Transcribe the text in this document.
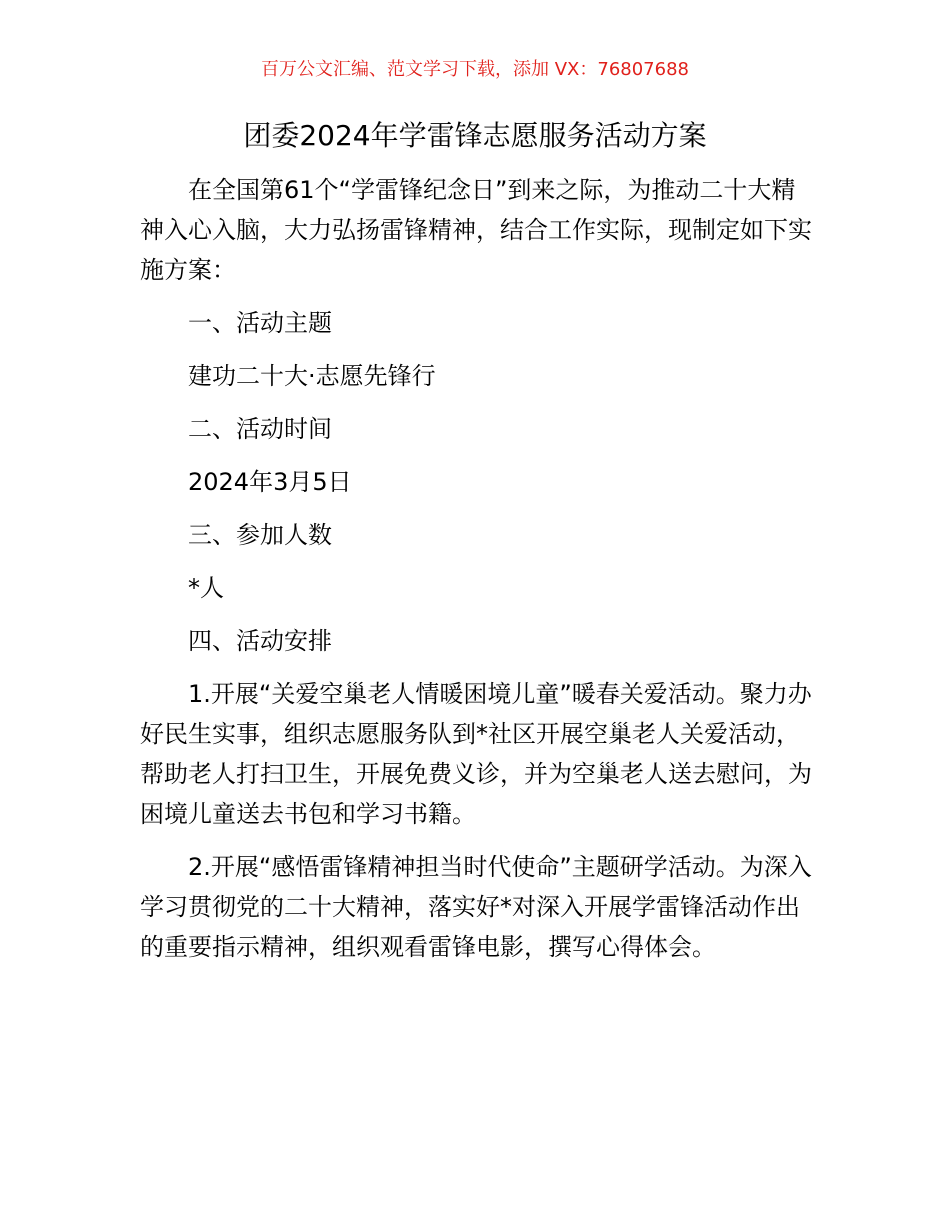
百万公文汇编、范文学习下载，添加 VX：76807688
团委2024年学雷锋志愿服务活动方案

在全国第61个“学雷锋纪念日”到来之际，为推动二十大精神入心入脑，大力弘扬雷锋精神，结合工作实际，现制定如下实施方案：

一、活动主题

建功二十大·志愿先锋行

二、活动时间

2024年3月5日

三、参加人数

*人

四、活动安排

1.开展“关爱空巢老人情暖困境儿童”暖春关爱活动。聚力办好民生实事，组织志愿服务队到*社区开展空巢老人关爱活动，帮助老人打扫卫生，开展免费义诊，并为空巢老人送去慰问，为困境儿童送去书包和学习书籍。

2.开展“感悟雷锋精神担当时代使命”主题研学活动。为深入学习贯彻党的二十大精神，落实好*对深入开展学雷锋活动作出的重要指示精神，组织观看雷锋电影，撰写心得体会。
